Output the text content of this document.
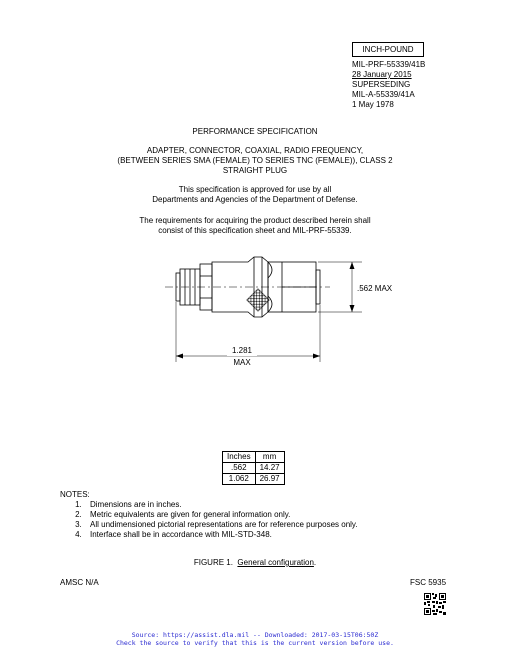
INCH-POUND
MIL-PRF-55339/41B
28 January 2015
SUPERSEDING
MIL-A-55339/41A
1 May 1978
PERFORMANCE SPECIFICATION
ADAPTER, CONNECTOR, COAXIAL, RADIO FREQUENCY,
(BETWEEN SERIES SMA (FEMALE) TO SERIES TNC (FEMALE)), CLASS 2
STRAIGHT PLUG
This specification is approved for use by all
Departments and Agencies of the Department of Defense.
The requirements for acquiring the product described herein shall
consist of this specification sheet and MIL-PRF-55339.
.562 MAX
1.281
MAX
Inches	mm
.562	14.27
1.062	26.97
NOTES:
1. Dimensions are in inches.
2. Metric equivalents are given for general information only.
3. All undimensioned pictorial representations are for reference purposes only.
4. Interface shall be in accordance with MIL-STD-348.
FIGURE 1. General configuration.
AMSC N/A	FSC 5935
Source: https://assist.dla.mil -- Downloaded: 2017-03-15T06:50Z
Check the source to verify that this is the current version before use.
